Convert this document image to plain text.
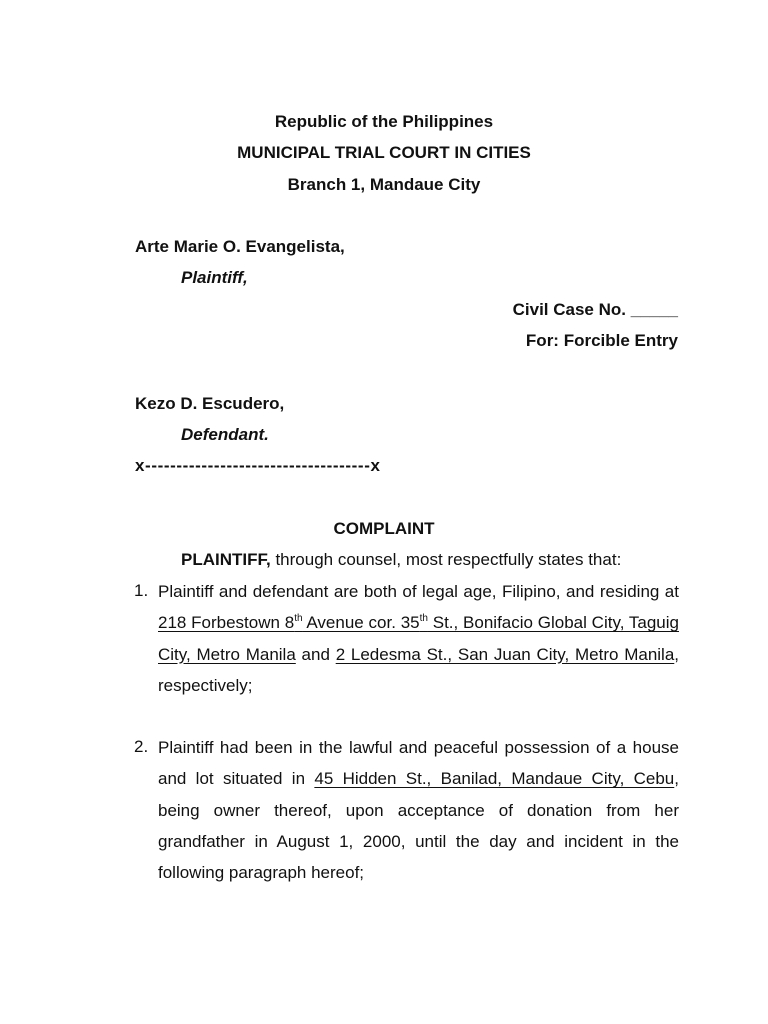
Republic of the Philippines
MUNICIPAL TRIAL COURT IN CITIES
Branch 1, Mandaue City
Arte Marie O. Evangelista,
Plaintiff,
Civil Case No. _____
For: Forcible Entry
Kezo D. Escudero,
Defendant.
x------------------------------------x
COMPLAINT
PLAINTIFF, through counsel, most respectfully states that:
1. Plaintiff and defendant are both of legal age, Filipino, and residing at 218 Forbestown 8th Avenue cor. 35th St., Bonifacio Global City, Taguig City, Metro Manila and 2 Ledesma St., San Juan City, Metro Manila, respectively;
2. Plaintiff had been in the lawful and peaceful possession of a house and lot situated in 45 Hidden St., Banilad, Mandaue City, Cebu, being owner thereof, upon acceptance of donation from her grandfather in August 1, 2000, until the day and incident in the following paragraph hereof;
